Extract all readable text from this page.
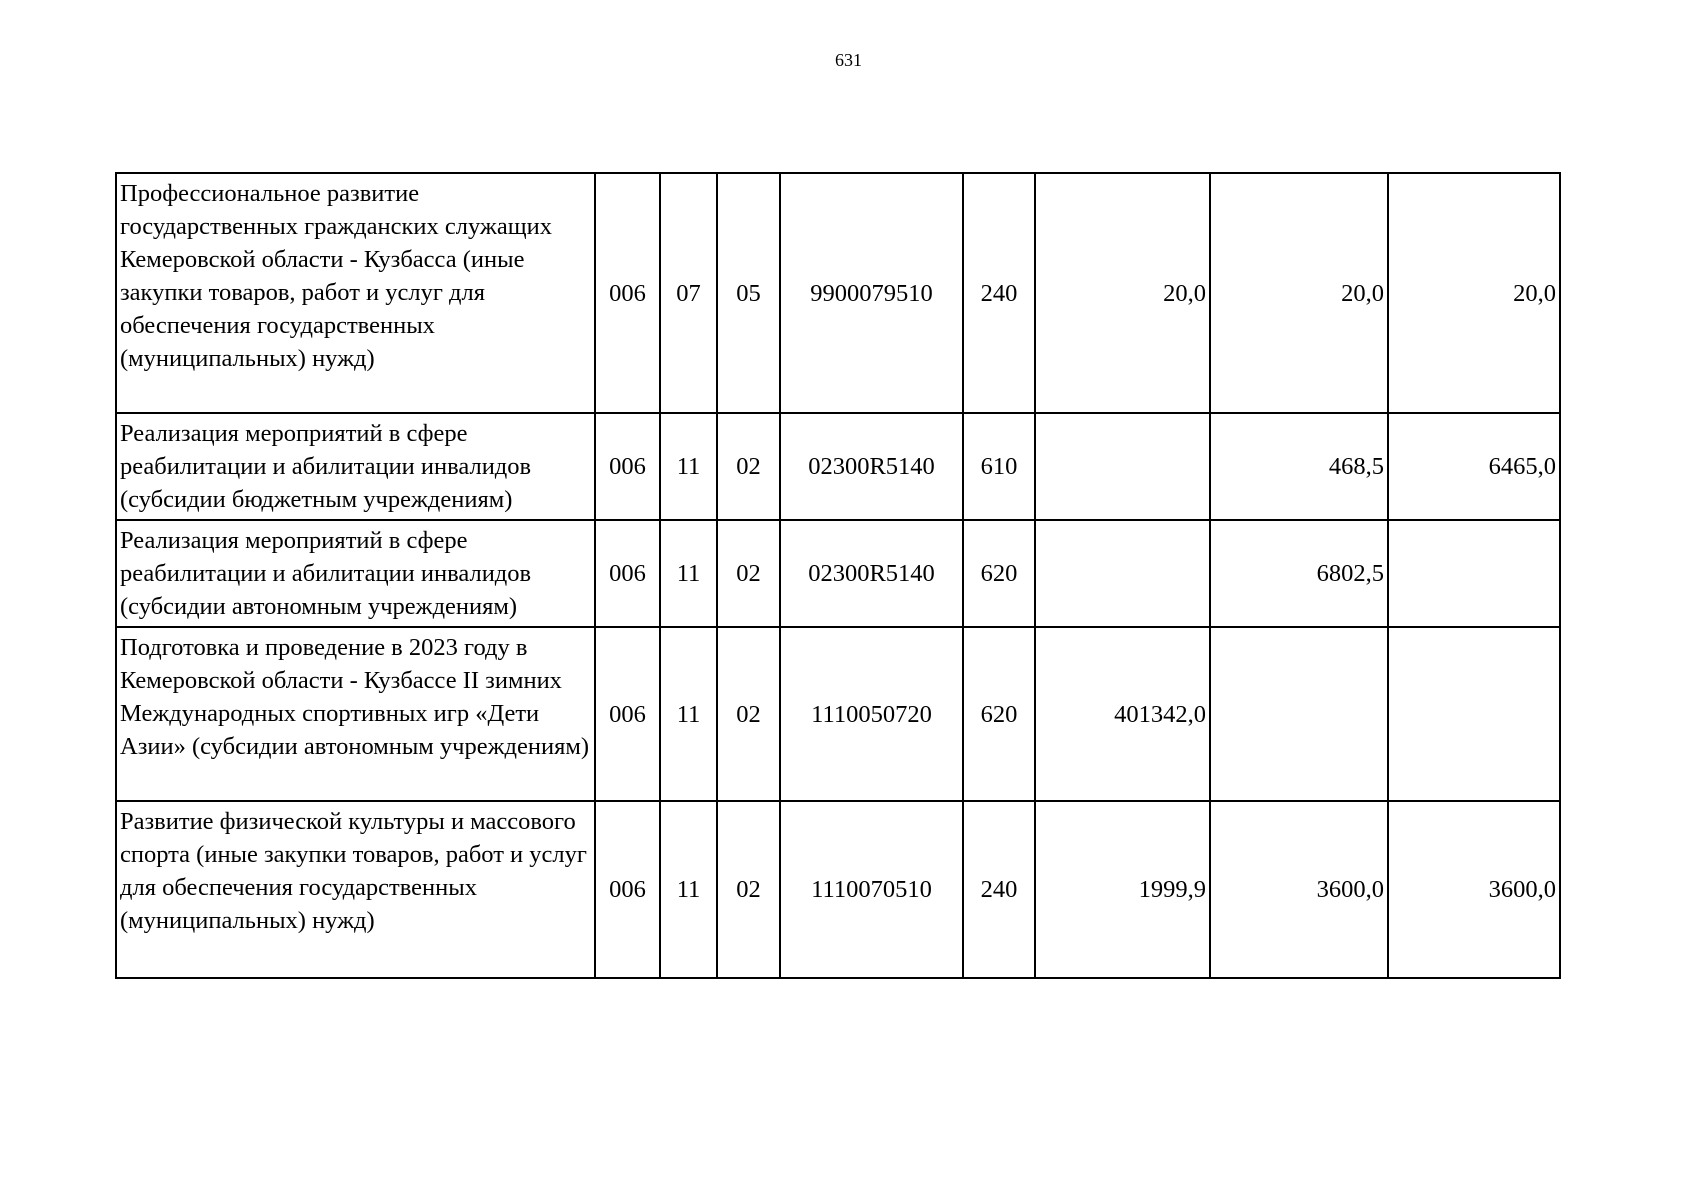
631
Профессиональное развитие государственных гражданских служащих Кемеровской области - Кузбасса (иные закупки товаров, работ и услуг для обеспечения государственных (муниципальных) нужд)	006	07	05	9900079510	240	20,0	20,0	20,0
Реализация мероприятий в сфере реабилитации и абилитации инвалидов (субсидии бюджетным учреждениям)	006	11	02	02300R5140	610		468,5	6465,0
Реализация мероприятий в сфере реабилитации и абилитации инвалидов (субсидии автономным учреждениям)	006	11	02	02300R5140	620		6802,5	
Подготовка и проведение в 2023 году в Кемеровской области - Кузбассе II зимних Международных спортивных игр «Дети Азии» (субсидии автономным учреждениям)	006	11	02	1110050720	620	401342,0		
Развитие физической культуры и массового спорта (иные закупки товаров, работ и услуг для обеспечения государственных (муниципальных) нужд)	006	11	02	1110070510	240	1999,9	3600,0	3600,0
